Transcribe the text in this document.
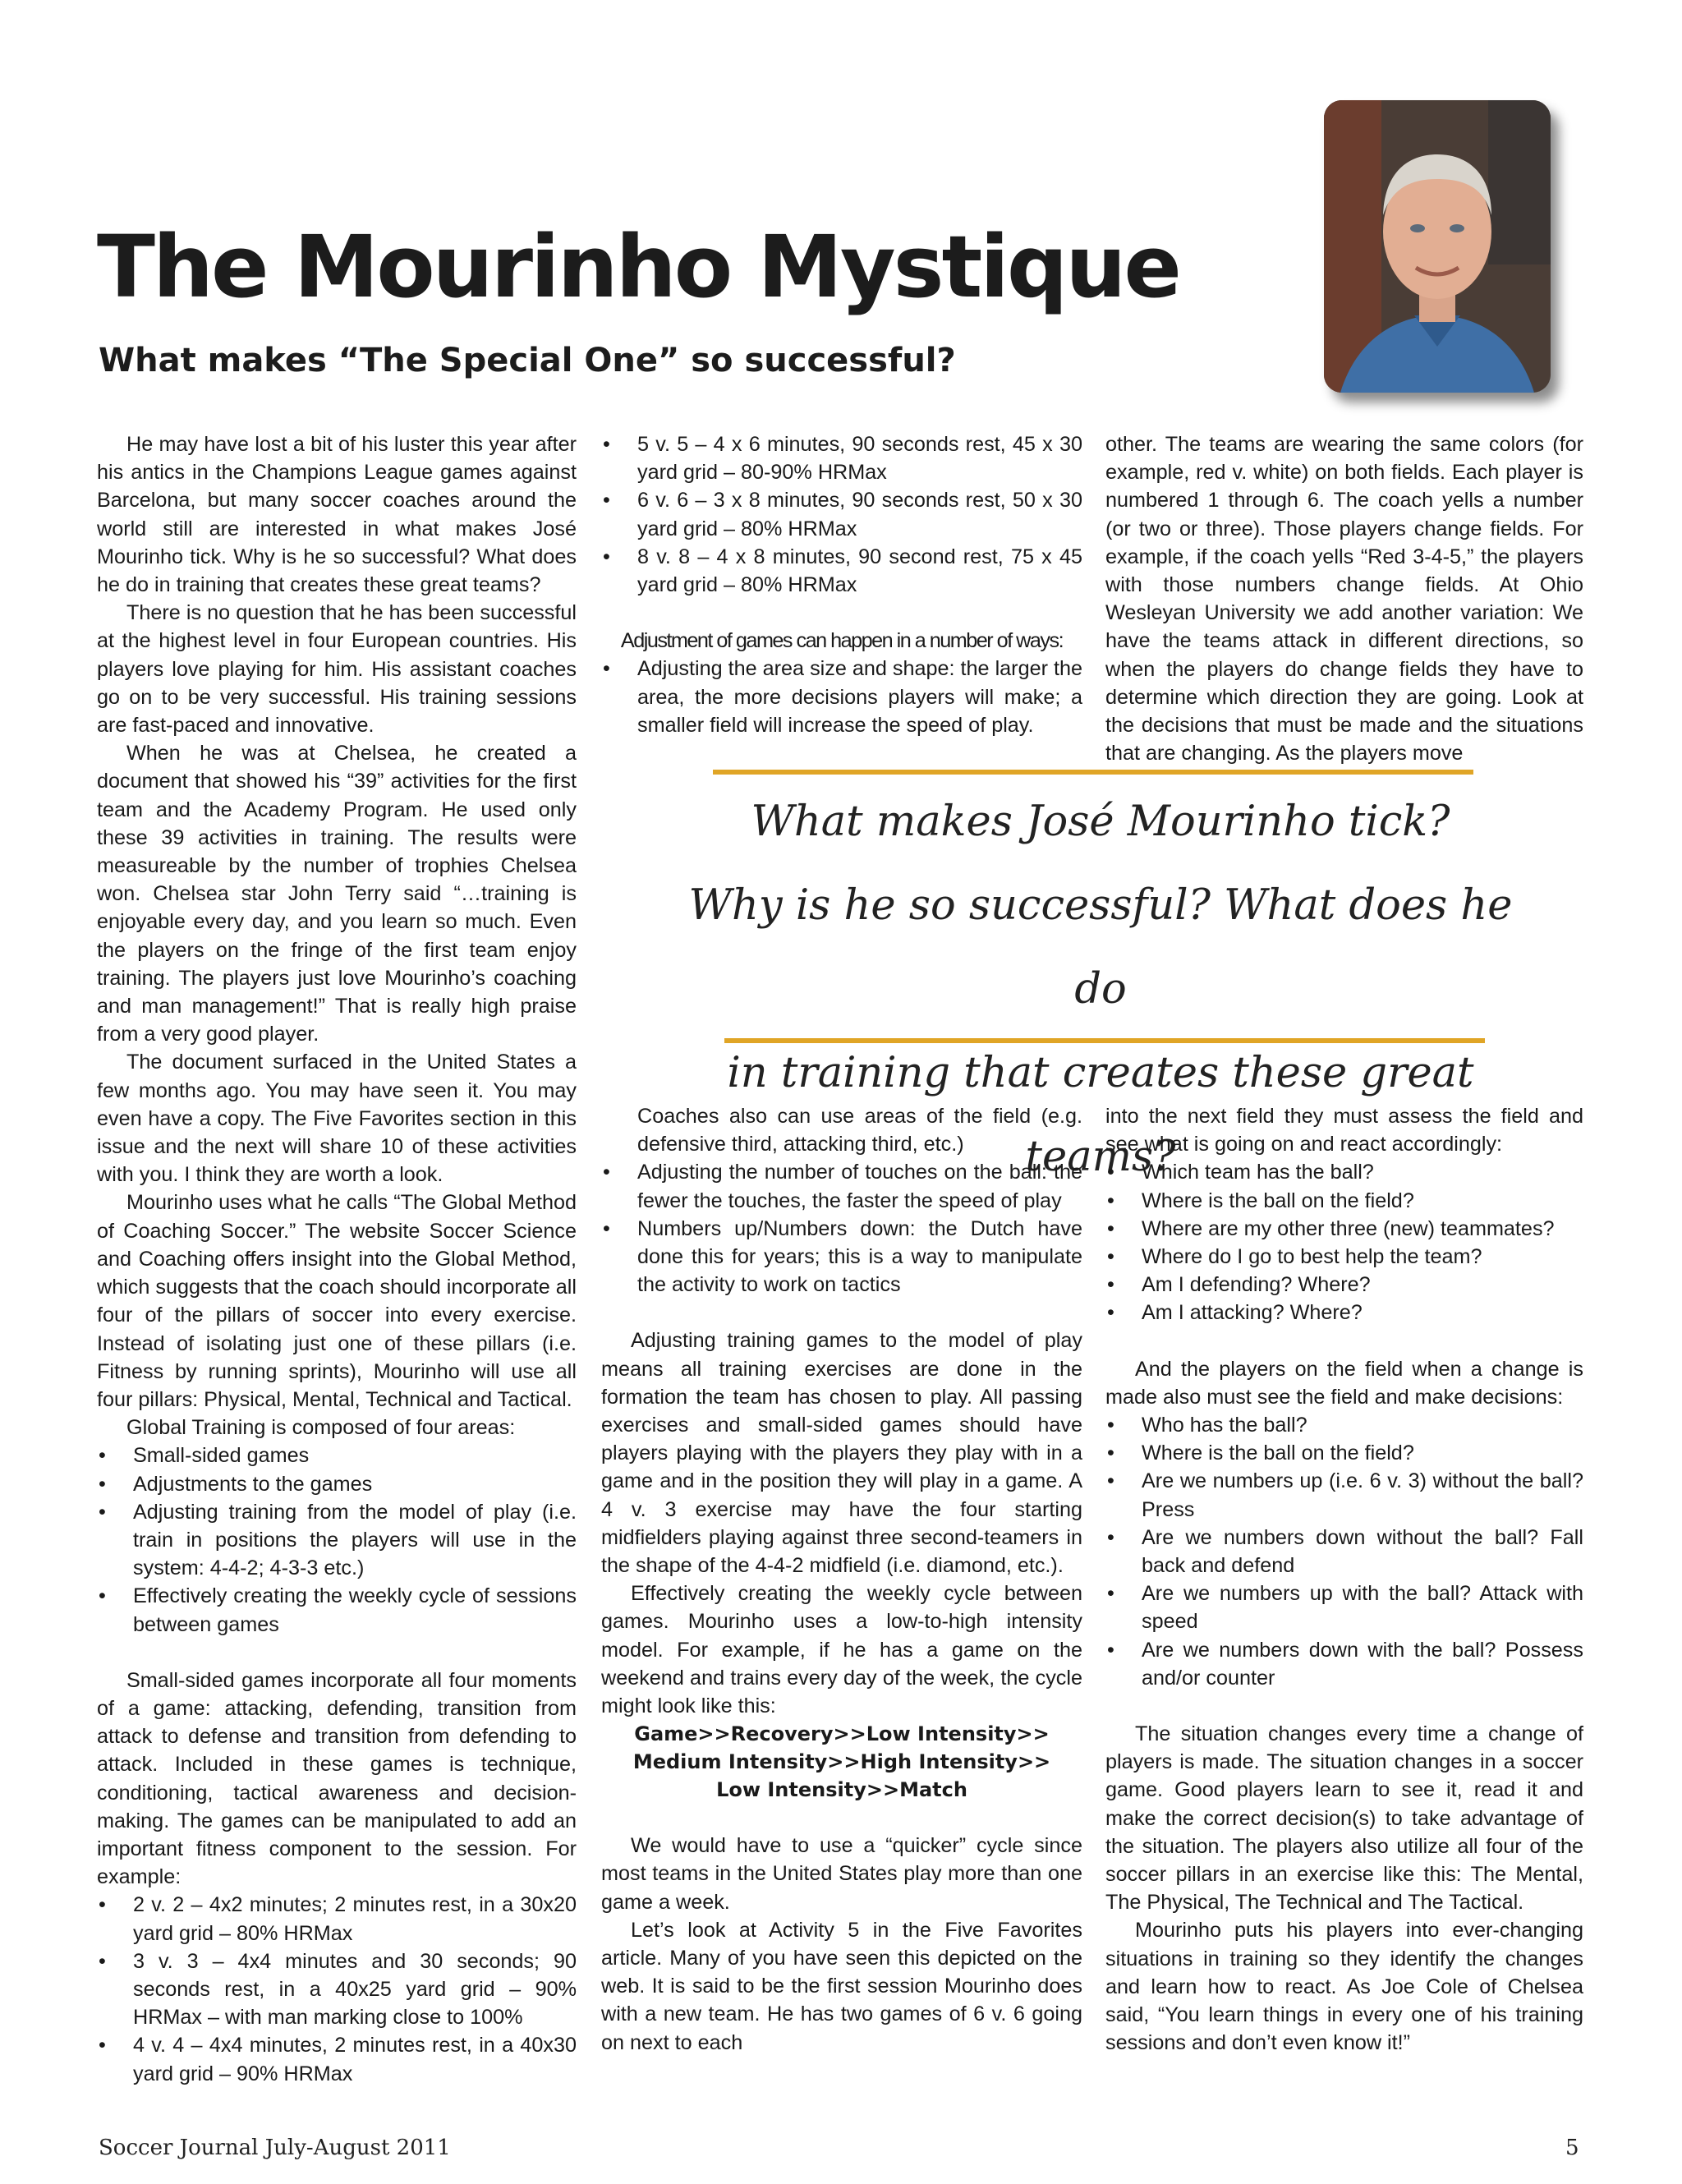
The Mourinho Mystique
What makes “The Special One” so successful?

He may have lost a bit of his luster this year after his antics in the Champions League games against Barcelona, but many soccer coaches around the world still are interested in what makes José Mourinho tick. Why is he so successful? What does he do in training that creates these great teams?

There is no question that he has been successful at the highest level in four European countries. His players love playing for him. His assistant coaches go on to be very successful. His training sessions are fast-paced and innovative.

When he was at Chelsea, he created a document that showed his “39” activities for the first team and the Academy Program. He used only these 39 activities in training. The results were measureable by the number of trophies Chelsea won. Chelsea star John Terry said “…training is enjoyable every day, and you learn so much. Even the players on the fringe of the first team enjoy training. The players just love Mourinho’s coaching and man management!” That is really high praise from a very good player.

The document surfaced in the United States a few months ago. You may have seen it. You may even have a copy. The Five Favorites section in this issue and the next will share 10 of these activities with you. I think they are worth a look.

Mourinho uses what he calls “The Global Method of Coaching Soccer.” The website Soccer Science and Coaching offers insight into the Global Method, which suggests that the coach should incorporate all four of the pillars of soccer into every exercise. Instead of isolating just one of these pillars (i.e. Fitness by running sprints), Mourinho will use all four pillars: Physical, Mental, Technical and Tactical.

Global Training is composed of four areas:

• Small-sided games
• Adjustments to the games
• Adjusting training from the model of play (i.e. train in positions the players will use in the system: 4-4-2; 4-3-3 etc.)
• Effectively creating the weekly cycle of sessions between games

Small-sided games incorporate all four moments of a game: attacking, defending, transition from attack to defense and transition from defending to attack. Included in these games is technique, conditioning, tactical awareness and decision-making. The games can be manipulated to add an important fitness component to the session. For example:

• 2 v. 2 – 4x2 minutes; 2 minutes rest, in a 30x20 yard grid – 80% HRMax
• 3 v. 3 – 4x4 minutes and 30 seconds; 90 seconds rest, in a 40x25 yard grid – 90% HRMax – with man marking close to 100%
• 4 v. 4 – 4x4 minutes, 2 minutes rest, in a 40x30 yard grid – 90% HRMax
• 5 v. 5 – 4 x 6 minutes, 90 seconds rest, 45 x 30 yard grid – 80-90% HRMax
• 6 v. 6 – 3 x 8 minutes, 90 seconds rest, 50 x 30 yard grid – 80% HRMax
• 8 v. 8 – 4 x 8 minutes, 90 second rest, 75 x 45 yard grid – 80% HRMax

Adjustment of games can happen in a number of ways:

• Adjusting the area size and shape: the larger the area, the more decisions players will make; a smaller field will increase the speed of play.

other. The teams are wearing the same colors (for example, red v. white) on both fields. Each player is numbered 1 through 6. The coach yells a number (or two or three). Those players change fields. For example, if the coach yells “Red 3-4-5,” the players with those numbers change fields. At Ohio Wesleyan University we add another variation: We have the teams attack in different directions, so when the players do change fields they have to determine which direction they are going. Look at the decisions that must be made and the situations that are changing. As the players move

What makes José Mourinho tick?
Why is he so successful? What does he do
in training that creates these great teams?

Coaches also can use areas of the field (e.g. defensive third, attacking third, etc.)

• Adjusting the number of touches on the ball: the fewer the touches, the faster the speed of play
• Numbers up/Numbers down: the Dutch have done this for years; this is a way to manipulate the activity to work on tactics

Adjusting training games to the model of play means all training exercises are done in the formation the team has chosen to play. All passing exercises and small-sided games should have players playing with the players they play with in a game and in the position they will play in a game. A 4 v. 3 exercise may have the four starting midfielders playing against three second-teamers in the shape of the 4-4-2 midfield (i.e. diamond, etc.).

Effectively creating the weekly cycle between games. Mourinho uses a low-to-high intensity model. For example, if he has a game on the weekend and trains every day of the week, the cycle might look like this:

Game>>Recovery>>Low Intensity>>
Medium Intensity>>High Intensity>>
Low Intensity>>Match

We would have to use a “quicker” cycle since most teams in the United States play more than one game a week.

Let’s look at Activity 5 in the Five Favorites article. Many of you have seen this depicted on the web. It is said to be the first session Mourinho does with a new team. He has two games of 6 v. 6 going on next to each

into the next field they must assess the field and see what is going on and react accordingly:

• Which team has the ball?
• Where is the ball on the field?
• Where are my other three (new) teammates?
• Where do I go to best help the team?
• Am I defending? Where?
• Am I attacking? Where?

And the players on the field when a change is made also must see the field and make decisions:

• Who has the ball?
• Where is the ball on the field?
• Are we numbers up (i.e. 6 v. 3) without the ball? Press
• Are we numbers down without the ball? Fall back and defend
• Are we numbers up with the ball? Attack with speed
• Are we numbers down with the ball? Possess and/or counter

The situation changes every time a change of players is made. The situation changes in a soccer game. Good players learn to see it, read it and make the correct decision(s) to take advantage of the situation. The players also utilize all four of the soccer pillars in an exercise like this: The Mental, The Physical, The Technical and The Tactical.

Mourinho puts his players into ever-changing situations in training so they identify the changes and learn how to react. As Joe Cole of Chelsea said, “You learn things in every one of his training sessions and don’t even know it!”

Soccer Journal July-August 2011	5
